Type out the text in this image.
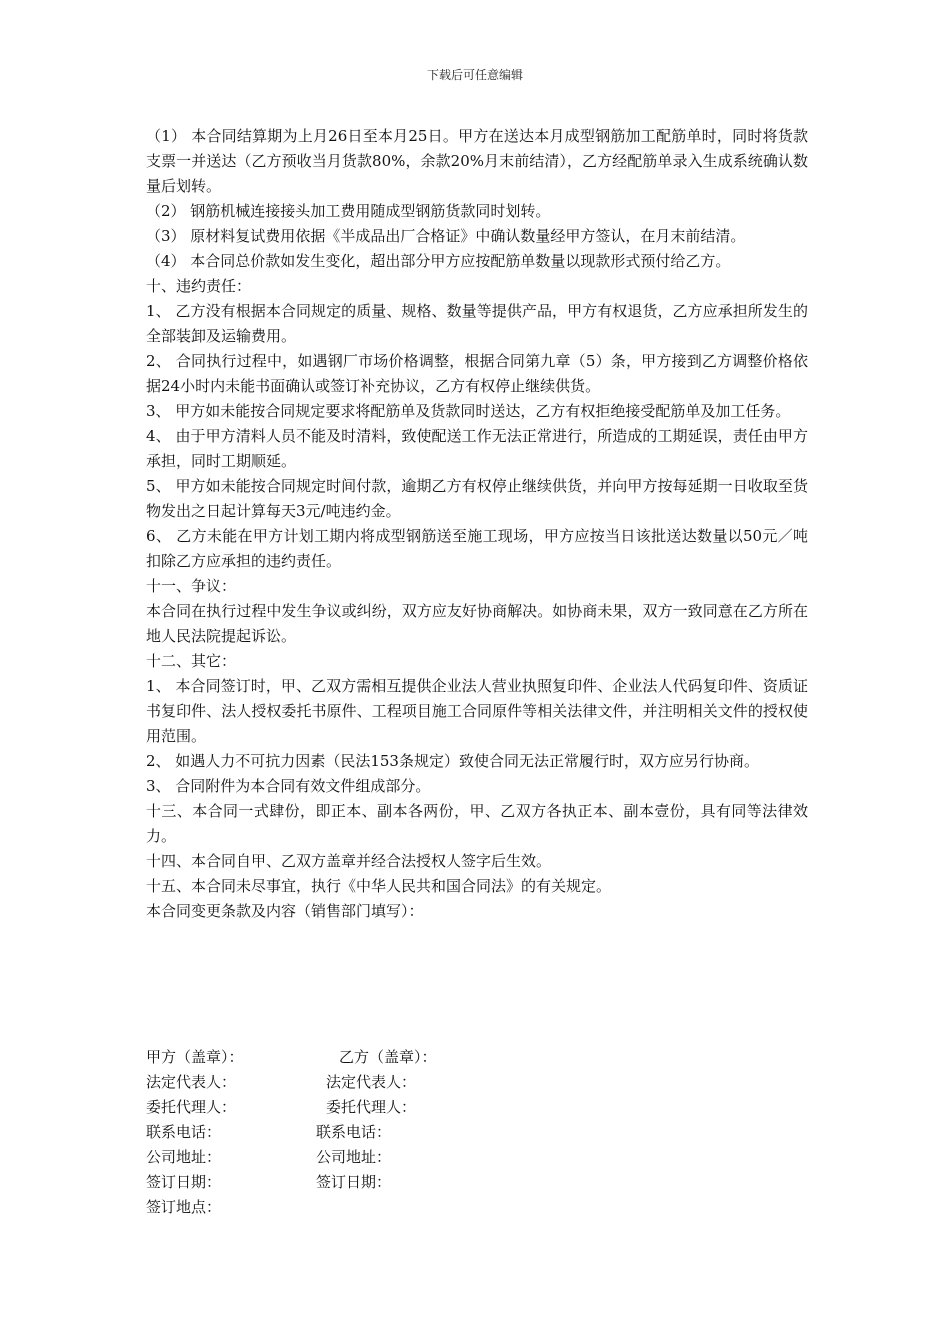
下载后可任意编辑

（1） 本合同结算期为上月26日至本月25日。甲方在送达本月成型钢筋加工配筋单时，同时将货款支票一并送达（乙方预收当月货款80%，余款20%月末前结清），乙方经配筋单录入生成系统确认数量后划转。

（2） 钢筋机械连接接头加工费用随成型钢筋货款同时划转。

（3） 原材料复试费用依据《半成品出厂合格证》中确认数量经甲方签认，在月末前结清。

（4） 本合同总价款如发生变化，超出部分甲方应按配筋单数量以现款形式预付给乙方。

十、违约责任：

1、 乙方没有根据本合同规定的质量、规格、数量等提供产品，甲方有权退货，乙方应承担所发生的全部装卸及运输费用。

2、 合同执行过程中，如遇钢厂市场价格调整，根据合同第九章（5）条，甲方接到乙方调整价格依据24小时内未能书面确认或签订补充协议，乙方有权停止继续供货。

3、 甲方如未能按合同规定要求将配筋单及货款同时送达，乙方有权拒绝接受配筋单及加工任务。

4、 由于甲方清料人员不能及时清料，致使配送工作无法正常进行，所造成的工期延误，责任由甲方承担，同时工期顺延。

5、 甲方如未能按合同规定时间付款，逾期乙方有权停止继续供货，并向甲方按每延期一日收取至货物发出之日起计算每天3元/吨违约金。

6、 乙方未能在甲方计划工期内将成型钢筋送至施工现场，甲方应按当日该批送达数量以50元／吨扣除乙方应承担的违约责任。

十一、争议：

本合同在执行过程中发生争议或纠纷，双方应友好协商解决。如协商未果，双方一致同意在乙方所在地人民法院提起诉讼。

十二、其它：

1、 本合同签订时，甲、乙双方需相互提供企业法人营业执照复印件、企业法人代码复印件、资质证书复印件、法人授权委托书原件、工程项目施工合同原件等相关法律文件，并注明相关文件的授权使用范围。

2、 如遇人力不可抗力因素（民法153条规定）致使合同无法正常履行时，双方应另行协商。

3、 合同附件为本合同有效文件组成部分。

十三、本合同一式肆份，即正本、副本各两份，甲、乙双方各执正本、副本壹份，具有同等法律效力。

十四、本合同自甲、乙双方盖章并经合法授权人签字后生效。

十五、本合同未尽事宜，执行《中华人民共和国合同法》的有关规定。

本合同变更条款及内容（销售部门填写）：

甲方（盖章）：	乙方（盖章）：
法定代表人：	法定代表人：
委托代理人：	委托代理人：
联系电话：	联系电话：
公司地址：	公司地址：
签订日期：	签订日期：
签订地点：
